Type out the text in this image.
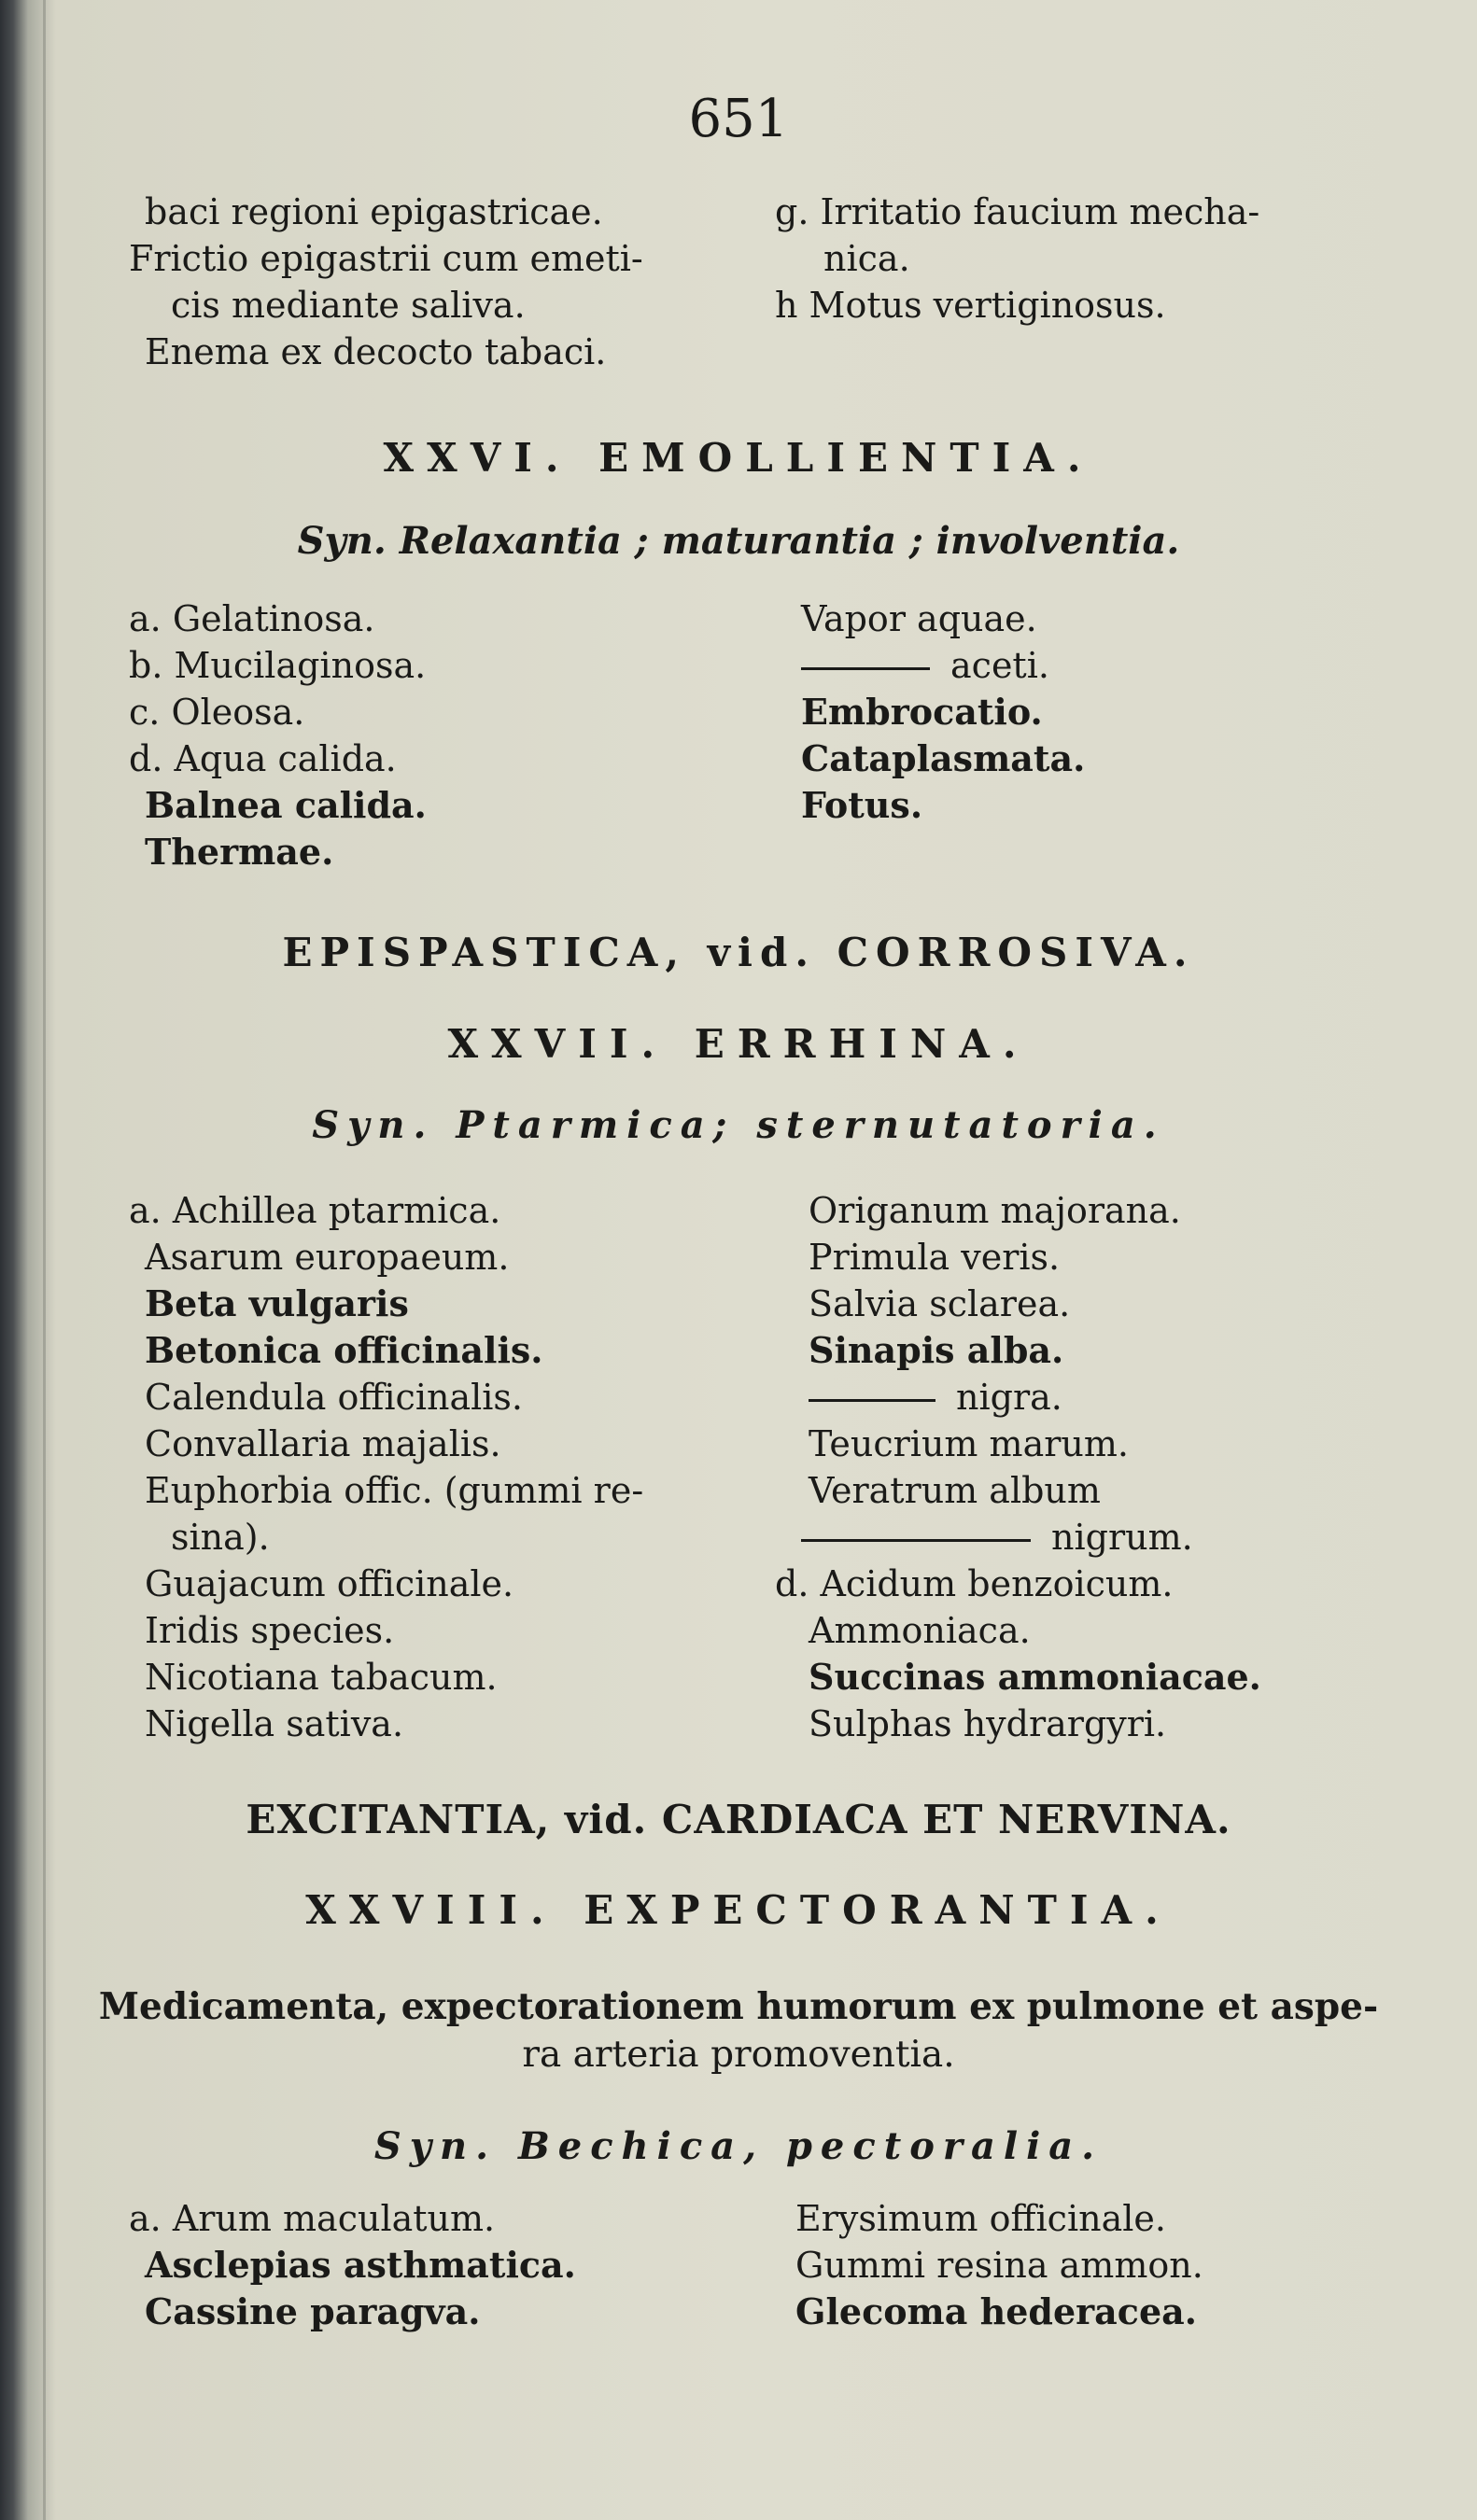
651
baci regioni epigastricae.
Frictio epigastrii cum emeti-
cis mediante saliva.
Enema ex decocto tabaci.
g. Irritatio faucium mecha-
nica.
h Motus vertiginosus.
XXVI. EMOLLIENTIA.
Syn. Relaxantia ; maturantia ; involventia.
a. Gelatinosa.
b. Mucilaginosa.
c. Oleosa.
d. Aqua calida.
Balnea calida.
Thermae.
Vapor aquae.
aceti.
Embrocatio.
Cataplasmata.
Fotus.
EPISPASTICA, vid. CORROSIVA.
XXVII. ERRHINA.
Syn. Ptarmica; sternutatoria.
a. Achillea ptarmica.
Asarum europaeum.
Beta vulgaris
Betonica officinalis.
Calendula officinalis.
Convallaria majalis.
Euphorbia offic. (gummi re-
sina).
Guajacum officinale.
Iridis species.
Nicotiana tabacum.
Nigella sativa.
Origanum majorana.
Primula veris.
Salvia sclarea.
Sinapis alba.
nigra.
Teucrium marum.
Veratrum album
nigrum.
d. Acidum benzoicum.
Ammoniaca.
Succinas ammoniacae.
Sulphas hydrargyri.
EXCITANTIA, vid. CARDIACA ET NERVINA.
XXVIII. EXPECTORANTIA.
Medicamenta, expectorationem humorum ex pulmone et aspe-
ra arteria promoventia.
Syn. Bechica, pectoralia.
a. Arum maculatum.
Asclepias asthmatica.
Cassine paragva.
Erysimum officinale.
Gummi resina ammon.
Glecoma hederacea.
